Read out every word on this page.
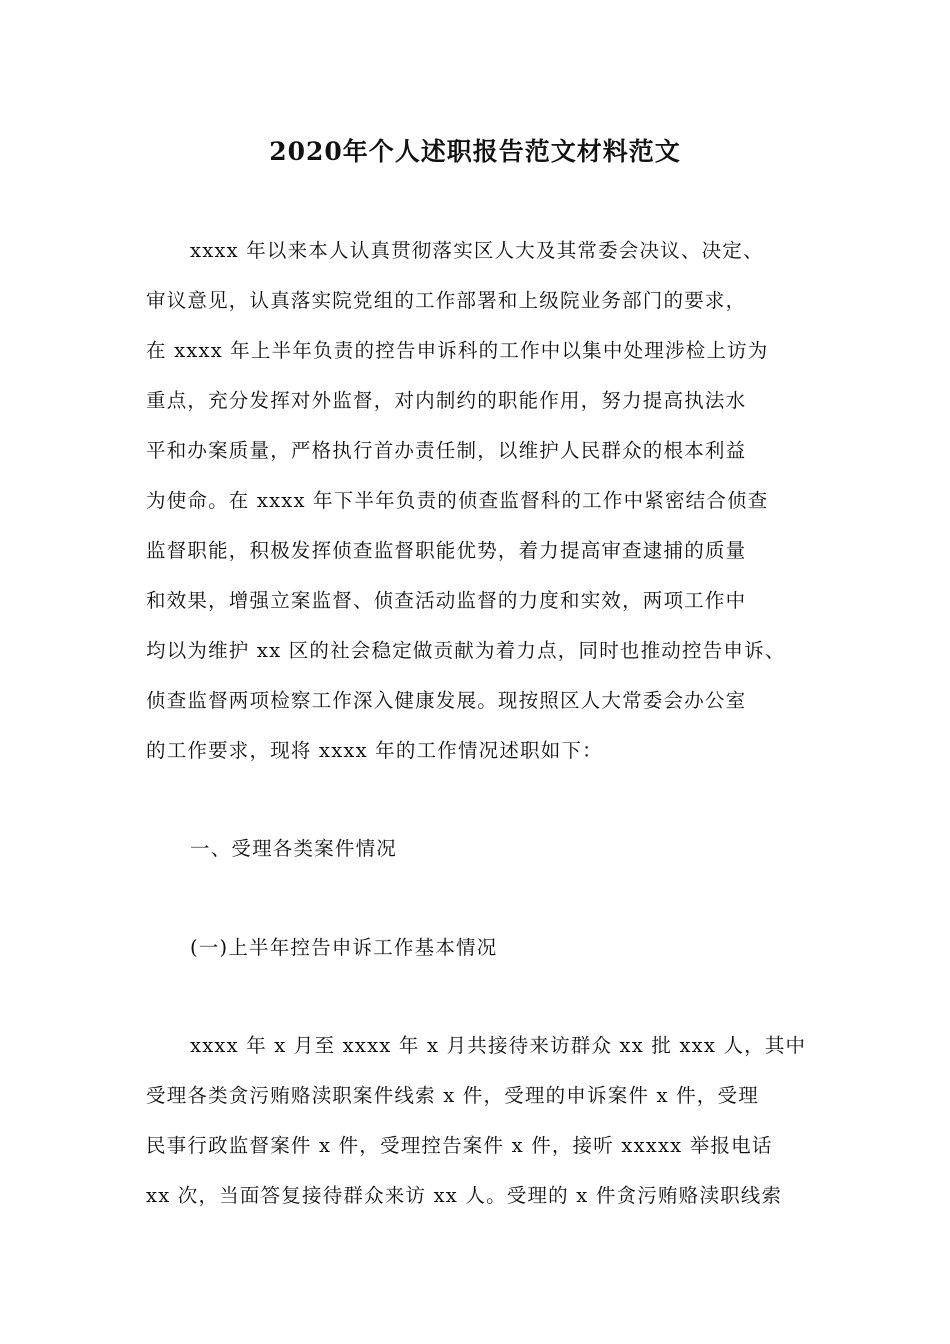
2020年个人述职报告范文材料范文
xxxx 年以来本人认真贯彻落实区人大及其常委会决议、决定、
审议意见，认真落实院党组的工作部署和上级院业务部门的要求，
在 xxxx 年上半年负责的控告申诉科的工作中以集中处理涉检上访为
重点，充分发挥对外监督，对内制约的职能作用，努力提高执法水
平和办案质量，严格执行首办责任制，以维护人民群众的根本利益
为使命。在 xxxx 年下半年负责的侦查监督科的工作中紧密结合侦查
监督职能，积极发挥侦查监督职能优势，着力提高审查逮捕的质量
和效果，增强立案监督、侦查活动监督的力度和实效，两项工作中
均以为维护 xx 区的社会稳定做贡献为着力点，同时也推动控告申诉、
侦查监督两项检察工作深入健康发展。现按照区人大常委会办公室
的工作要求，现将 xxxx 年的工作情况述职如下：
一、受理各类案件情况
(一)上半年控告申诉工作基本情况
xxxx 年 x 月至 xxxx 年 x 月共接待来访群众 xx 批 xxx 人，其中
受理各类贪污贿赂渎职案件线索 x 件，受理的申诉案件 x 件，受理
民事行政监督案件 x 件，受理控告案件 x 件，接听 xxxxx 举报电话
xx 次，当面答复接待群众来访 xx 人。受理的 x 件贪污贿赂渎职线索
